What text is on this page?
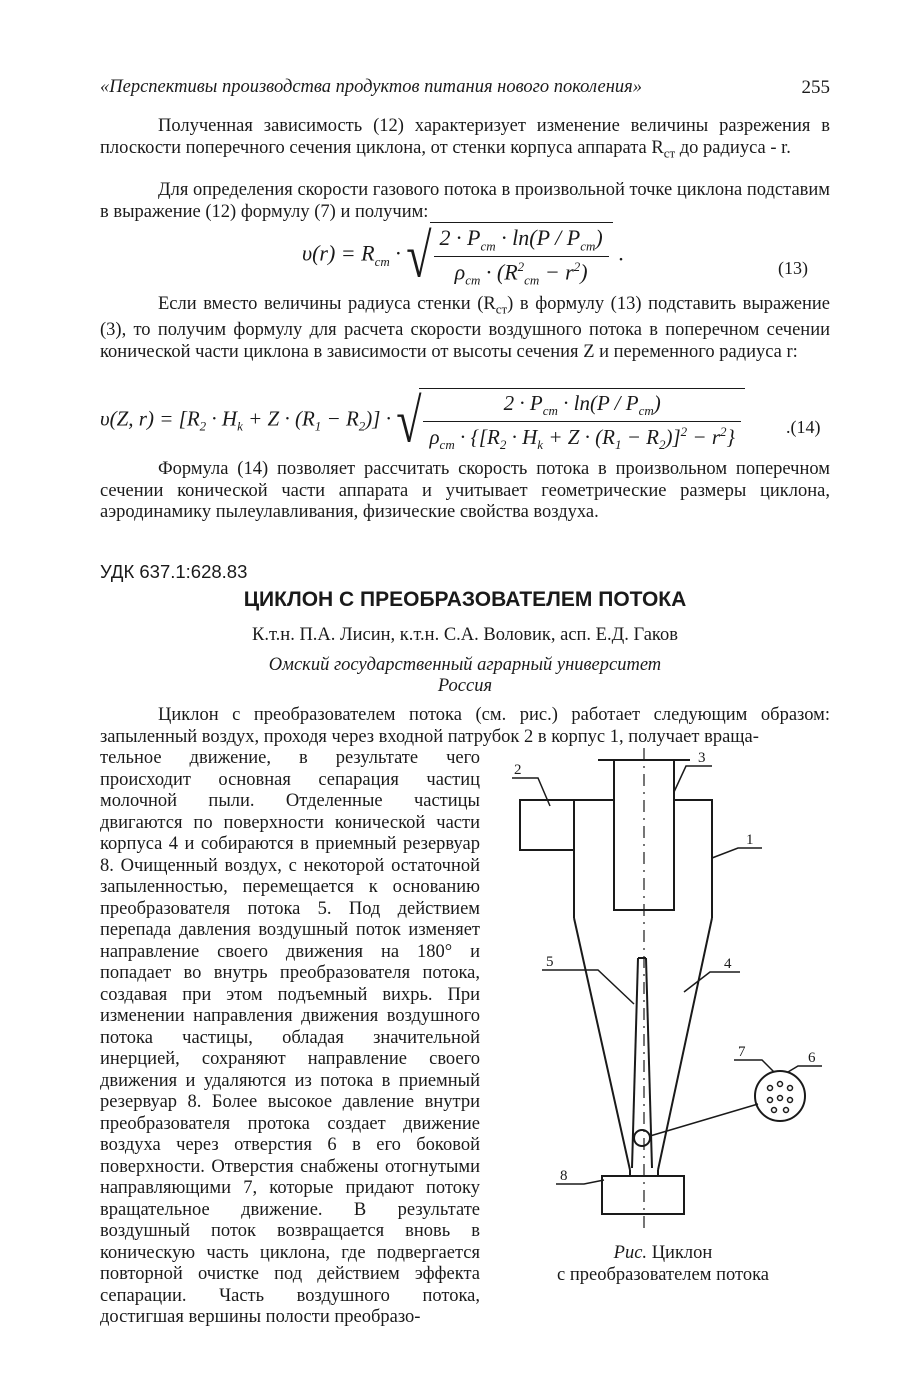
«Перспективы производства продуктов питания нового поколения»	255
Полученная зависимость (12) характеризует изменение величины разрежения в плоскости поперечного сечения циклона, от стенки корпуса аппарата $R_{ст}$ до радиуса - r.
Для определения скорости газового потока в произвольной точке циклона подставим в выражение (12) формулу (7) и получим:
$\upsilon(r) = R_{cm}$ · √ $\frac{2 \cdot P_{cm} \cdot \ln(P / P_{cm})}{\rho_{cm} \cdot (R^2_{cm} - r^2)}$ .
(13)
Если вместо величины радиуса стенки $(R_{ст})$ в формулу (13) подставить выражение (3), то получим формулу для расчета скорости воздушного потока в поперечном сечении конической части циклона в зависимости от высоты сечения Z и переменного радиуса r:
υ(Z, $r) = [R_2 \cdot H_k + Z \cdot (R_1 - R_2)]$ · √ $\frac{2 \cdot P_{cm} \cdot \ln(P / P_{cm})}{\rho_{cm} \cdot \{[R_2 \cdot H_k + Z \cdot (R_1 - R_2)]^2 - r^2\}}$	.(14)
Формула (14) позволяет рассчитать скорость потока в произвольном поперечном сечении конической части аппарата и учитывает геометрические размеры циклона, аэродинамику пылеулавливания, физические свойства воздуха.
УДК 637.1:628.83
ЦИКЛОН С ПРЕОБРАЗОВАТЕЛЕМ ПОТОКА
К.т.н. П.А. Лисин, к.т.н. С.А. Воловик, асп. Е.Д. Гаков
Омский государственный аграрный университет
Россия
Циклон с преобразователем потока (см. рис.) работает следующим образом: запыленный воздух, проходя через входной патрубок 2 в корпус 1, получает враща-
тельное движение, в результате чего происходит основная сепарация частиц молочной пыли. Отделенные частицы двигаются по поверхности конической части корпуса 4 и собираются в приемный резервуар 8. Очищенный воздух, с некоторой остаточной запыленностью, перемещается к основанию преобразователя потока 5. Под действием перепада давления воздушный поток изменяет направление своего движения на 180° и попадает во внутрь преобразователя потока, создавая при этом подъемный вихрь. При изменении направления движения воздушного потока частицы, обладая значительной инерцией, сохраняют направление своего движения и удаляются из потока в приемный резервуар 8. Более высокое давление внутри преобразователя протока создает движение воздуха через отверстия 6 в его боковой поверхности. Отверстия снабжены отогнутыми направляющими 7, которые придают потоку вращательное движение. В результате воздушный поток возвращается вновь в коническую часть циклона, где подвергается повторной очистке под действием эффекта сепарации. Часть воздушного потока, достигшая вершины полости преобразо-
2
3
1
4
5
7	6
8
Рис. Циклон
с преобразователем потока
